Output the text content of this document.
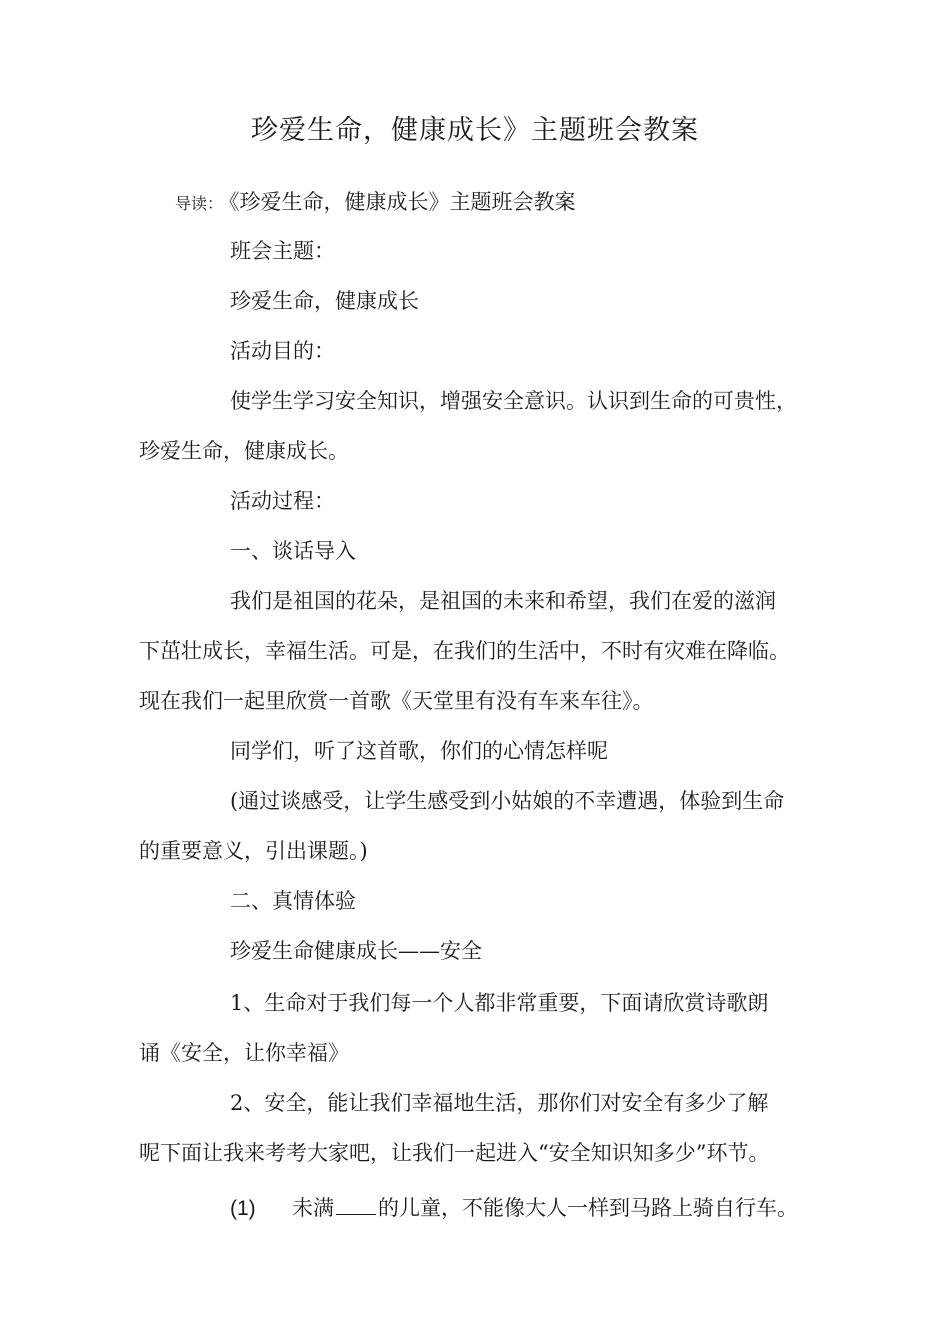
珍爱生命，健康成长》主题班会教案
导读： 《珍爱生命，健康成长》主题班会教案
班会主题：
珍爱生命，健康成长
活动目的：
使学生学习安全知识，增强安全意识。认识到生命的可贵性，
珍爱生命，健康成长。
活动过程：
一、谈话导入
我们是祖国的花朵，是祖国的未来和希望，我们在爱的滋润
下茁壮成长，幸福生活。可是，在我们的生活中，不时有灾难在降临。
现在我们一起里欣赏一首歌《天堂里有没有车来车往》。
同学们，听了这首歌，你们的心情怎样呢
(通过谈感受，让学生感受到小姑娘的不幸遭遇，体验到生命
的重要意义，引出课题。)
二、真情体验
珍爱生命健康成长——安全
1、生命对于我们每一个人都非常重要，下面请欣赏诗歌朗
诵《安全，让你幸福》
2、安全，能让我们幸福地生活，那你们对安全有多少了解
呢下面让我来考考大家吧，让我们一起进入“安全知识知多少”环节。
(1) 未满 的儿童，不能像大人一样到马路上骑自行车。
